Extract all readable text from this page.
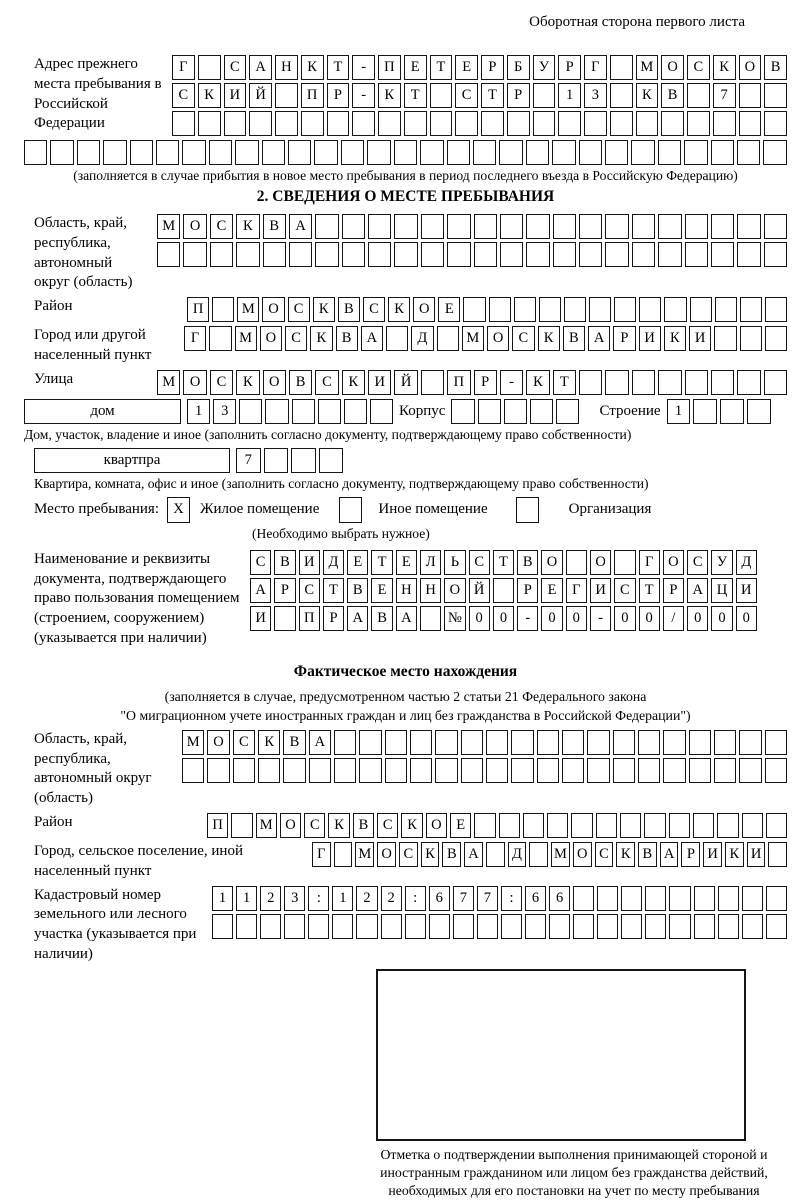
Оборотная сторона первого листа
Адрес прежнего места пребывания в Российской Федерации
Г	С	А	Н	К	Т	-	П	Е	Т	Е	Р	Б	У	Р	Г	М О	С	К	О	В
С	К	И	Й	П	Р	-	К	Т	С	Т	Р	1	3	К	В	7
(заполняется в случае прибытия в новое место пребывания в период последнего въезда в Российскую Федерацию)
2. СВЕДЕНИЯ О МЕСТЕ ПРЕБЫВАНИЯ
Область, край, республика, автономный округ (область)
М	О	С	К	В	А
Район	П	М О	С	К	В	С	К	О	Е
Город или другой населенный пункт
Г	М О	С	К	В	А	Д	М О	С	К	В	А	Р	И	К	И
Улица	М	О	С	К	О	В	С	К	И	Й	П	Р	-	К	Т
дом	1	3	Корпус	Строение 1
Дом, участок, владение и иное (заполнить согласно документу, подтверждающему право собственности)
квартпра	7
Квартира, комната, офис и иное (заполнить согласно документу, подтверждающему право собственности)
Место пребывания: X	Жилое помещение	Иное помещение	Организация
(Необходимо выбрать нужное)
Наименование и реквизиты документа, подтверждающего право пользования помещением (строением, сооружением) (указывается при наличии)
С	В И Д	Е	Т	Е	Л	Ь	С	Т	В О	О	Г	О С У Д
А	Р	С	Т	В	Е	Н Н О Й	Р	Е	Г	И С	Т	Р	А Ц И
И	П	Р	А В А	№ 0	0	-	0	0	-	0	0	/	0	0	0
Фактическое место нахождения
(заполняется в случае, предусмотренном частью 2 статьи 21 Федерального закона
"О миграционном учете иностранных граждан и лиц без гражданства в Российской Федерации")
Область, край, республика, автономный округ (область)
М О	С	К	В	А
Район	П	М О С	К	В	С	К О	Е
Город, сельское поселение, иной населенный пункт
Г	М О С К В А	Д	М О С К В А Р И К И
Кадастровый номер земельного или лесного участка (указывается при наличии)
1	1	2	3	:	1	2	2	:	6	7	7	:	6	6
Отметка о подтверждении выполнения принимающей стороной и иностранным гражданином или лицом без гражданства действий, необходимых для его постановки на учет по месту пребывания
